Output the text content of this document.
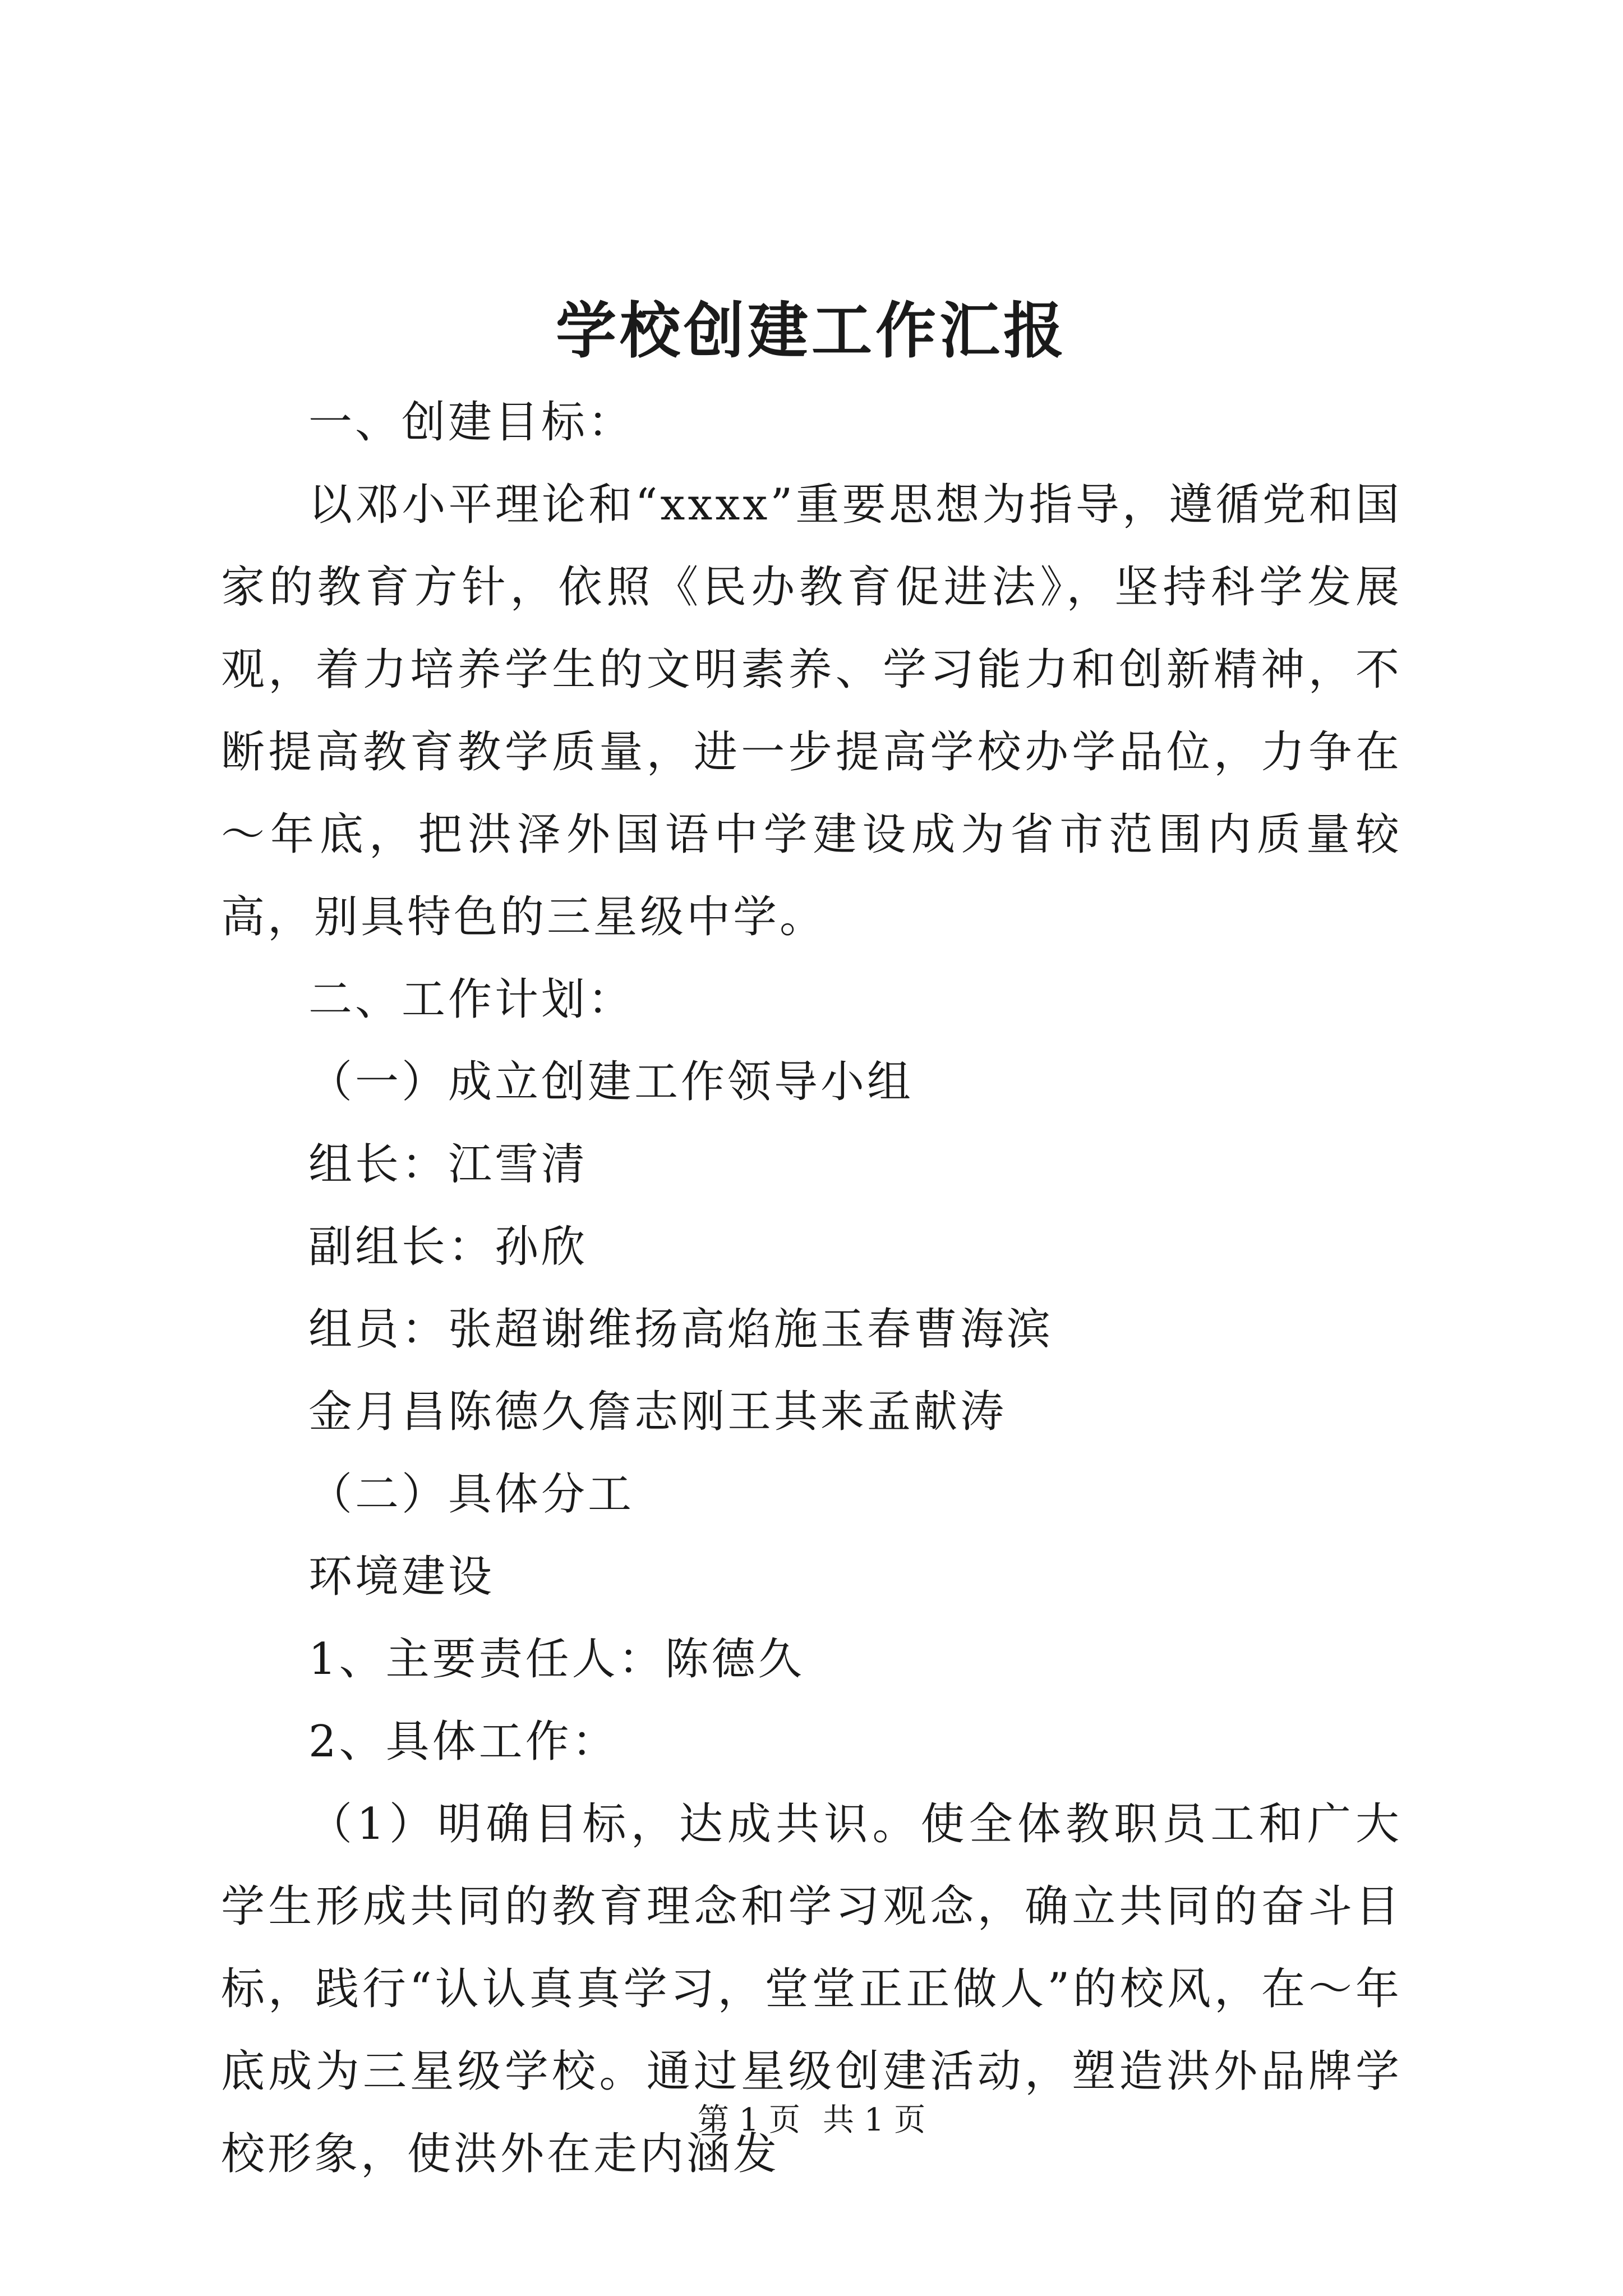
学校创建工作汇报

一、创建目标：

以邓小平理论和“xxxx”重要思想为指导，遵循党和国家的教育方针，依照《民办教育促进法》，坚持科学发展观，着力培养学生的文明素养、学习能力和创新精神，不断提高教育教学质量，进一步提高学校办学品位，力争在～年底，把洪泽外国语中学建设成为省市范围内质量较高，别具特色的三星级中学。

二、工作计划：

（一）成立创建工作领导小组

组长：江雪清

副组长：孙欣

组员：张超谢维扬高焰施玉春曹海滨

金月昌陈德久詹志刚王其来孟献涛

（二）具体分工

环境建设

1、主要责任人：陈德久

2、具体工作：

（1）明确目标，达成共识。使全体教职员工和广大学生形成共同的教育理念和学习观念，确立共同的奋斗目标，践行“认认真真学习，堂堂正正做人”的校风，在～年底成为三星级学校。通过星级创建活动，塑造洪外品牌学校形象，使洪外在走内涵发

第 1 页 共 1 页
